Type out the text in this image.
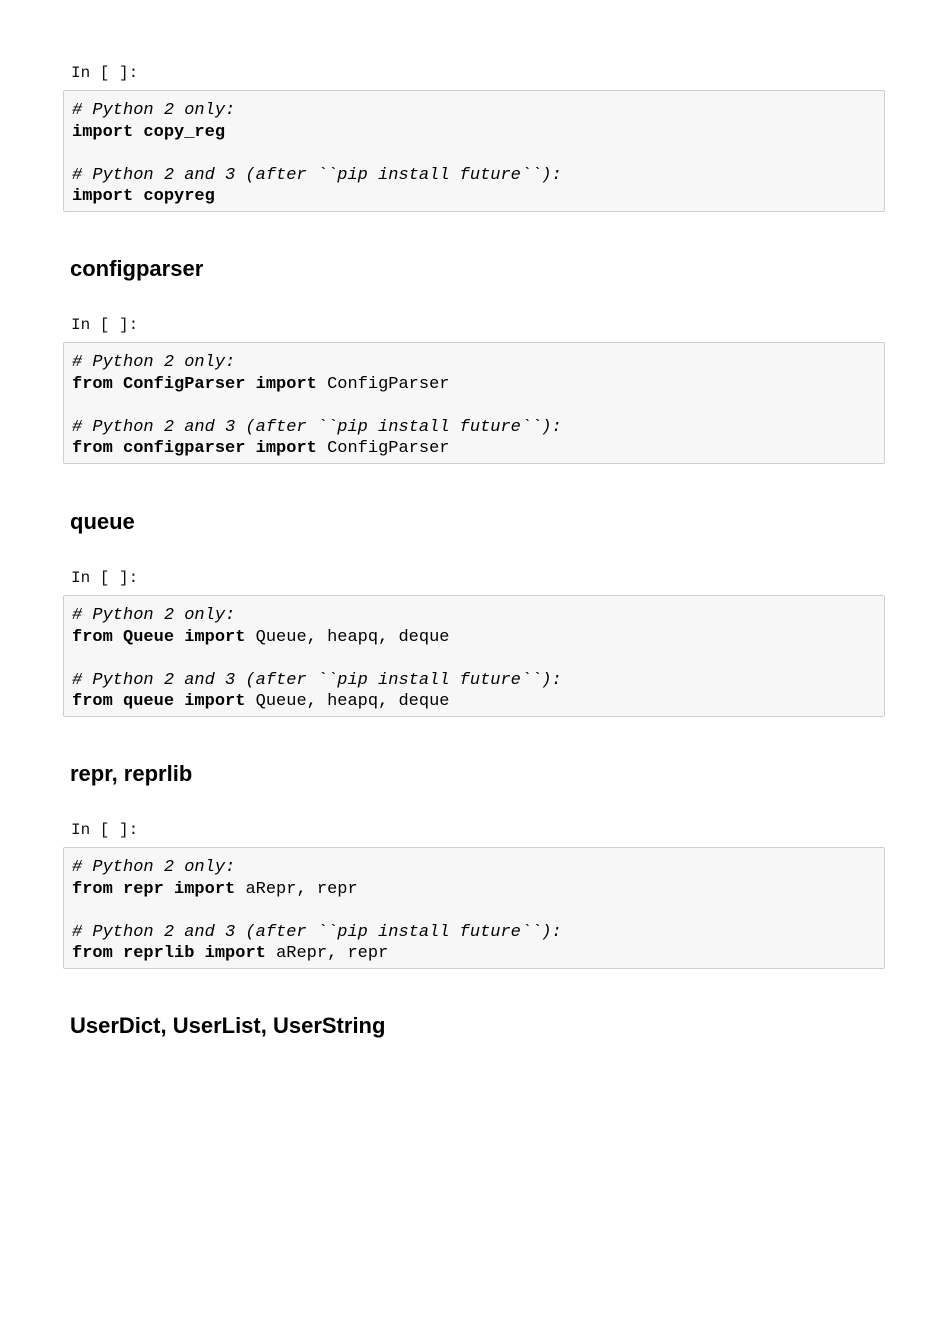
In [ ]:
# Python 2 only:
import copy_reg
# Python 2 and 3 (after ``pip install future``):
import copyreg
configparser
In [ ]:
# Python 2 only:
from ConfigParser import ConfigParser
# Python 2 and 3 (after ``pip install future``):
from configparser import ConfigParser
queue
In [ ]:
# Python 2 only:
from Queue import Queue, heapq, deque
# Python 2 and 3 (after ``pip install future``):
from queue import Queue, heapq, deque
repr, reprlib
In [ ]:
# Python 2 only:
from repr import aRepr, repr
# Python 2 and 3 (after ``pip install future``):
from reprlib import aRepr, repr
UserDict, UserList, UserString
